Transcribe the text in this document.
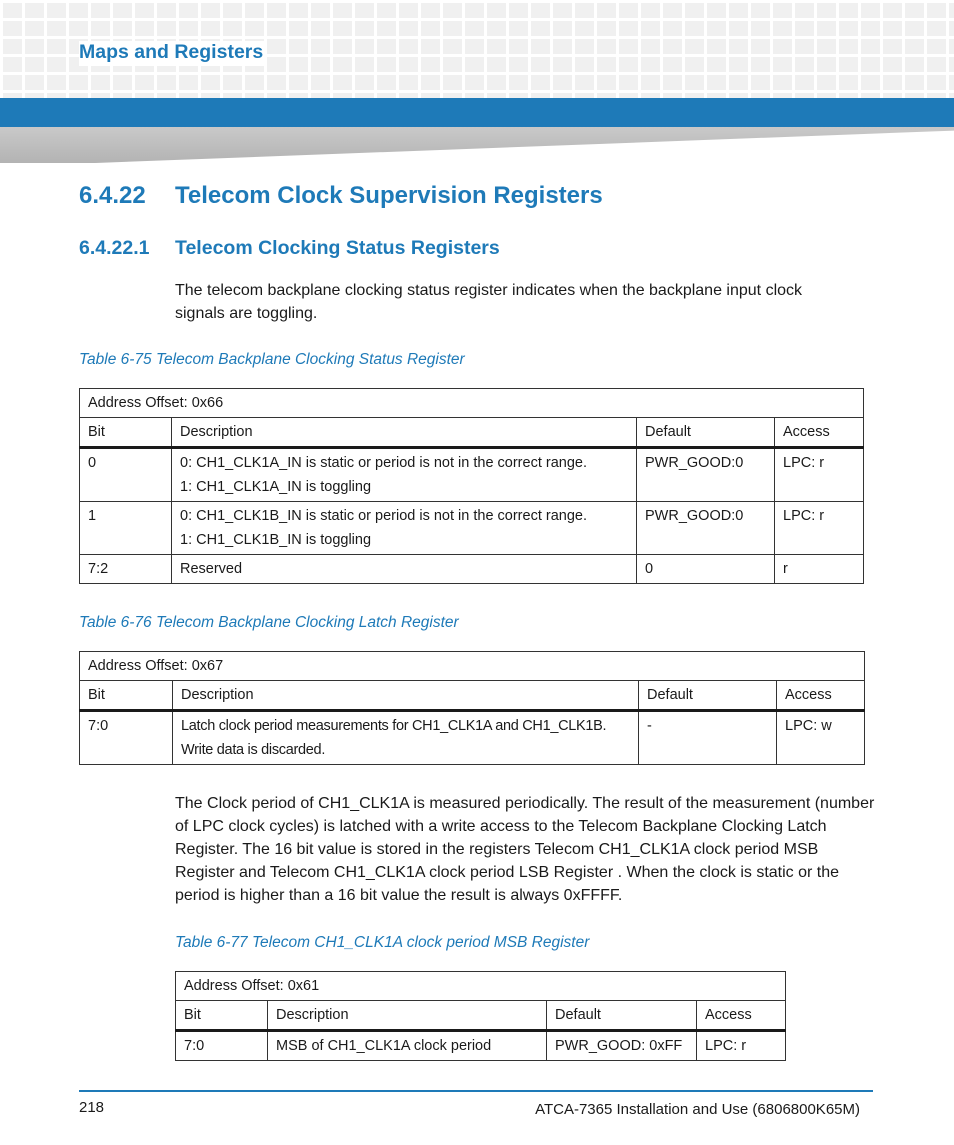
Maps and Registers
6.4.22 Telecom Clock Supervision Registers
6.4.22.1 Telecom Clocking Status Registers

The telecom backplane clocking status register indicates when the backplane input clock signals are toggling.

Table 6-75 Telecom Backplane Clocking Status Register
Address Offset: 0x66			
Bit	Description	Default	Access
0	0: CH1_CLK1A_IN is static or period is not in the correct range.
1: CH1_CLK1A_IN is toggling	PWR_GOOD:0	LPC: r
1	0: CH1_CLK1B_IN is static or period is not in the correct range.
1: CH1_CLK1B_IN is toggling	PWR_GOOD:0	LPC: r
7:2	Reserved	0	r
Table 6-76 Telecom Backplane Clocking Latch Register
Address Offset: 0x67			
Bit	Description	Default	Access
7:0	Latch clock period measurements for CH1_CLK1A and CH1_CLK1B.
Write data is discarded.	-	LPC: w

The Clock period of CH1_CLK1A is measured periodically. The result of the measurement (number of LPC clock cycles) is latched with a write access to the Telecom Backplane Clocking Latch Register. The 16 bit value is stored in the registers Telecom CH1_CLK1A clock period MSB Register and Telecom CH1_CLK1A clock period LSB Register . When the clock is static or the period is higher than a 16 bit value the result is always 0xFFFF.

Table 6-77 Telecom CH1_CLK1A clock period MSB Register
Address Offset: 0x61			
Bit	Description	Default	Access
7:0	MSB of CH1_CLK1A clock period	PWR_GOOD: 0xFF	LPC: r
218	ATCA-7365 Installation and Use (6806800K65M)
